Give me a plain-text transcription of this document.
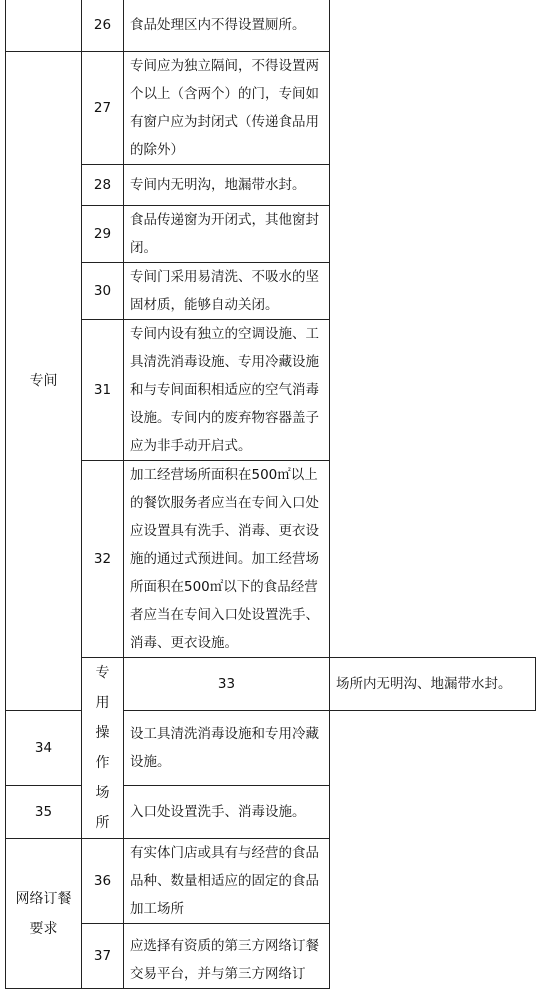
	26	食品处理区内不得设置厕所。	

专间	27	专间应为独立隔间，不得设置两个以上（含两个）的门，专间如有窗户应为封闭式（传递食品用的除外）	
	28	专间内无明沟，地漏带水封。	
	29	食品传递窗为开闭式，其他窗封闭。	
	30	专间门采用易清洗、不吸水的坚固材质，能够自动关闭。	
	31	专间内设有独立的空调设施、工具清洗消毒设施、专用冷藏设施和与专间面积相适应的空气消毒设施。专间内的废弃物容器盖子应为非手动开启式。	
	32	加工经营场所面积在500㎡以上的餐饮服务者应当在专间入口处应设置具有洗手、消毒、更衣设施的通过式预进间。加工经营场所面积在500㎡以下的食品经营者应当在专间入口处设置洗手、消毒、更衣设施。	

	专用操作场所	33	场所内无明沟、地漏带水封。
34		设工具清洗消毒设施和专用冷藏设施。	
35		入口处设置洗手、消毒设施。	

网络订餐要求	36	有实体门店或具有与经营的食品品种、数量相适应的固定的食品加工场所	
	37	应选择有资质的第三方网络订餐交易平台，并与第三方网络订	
